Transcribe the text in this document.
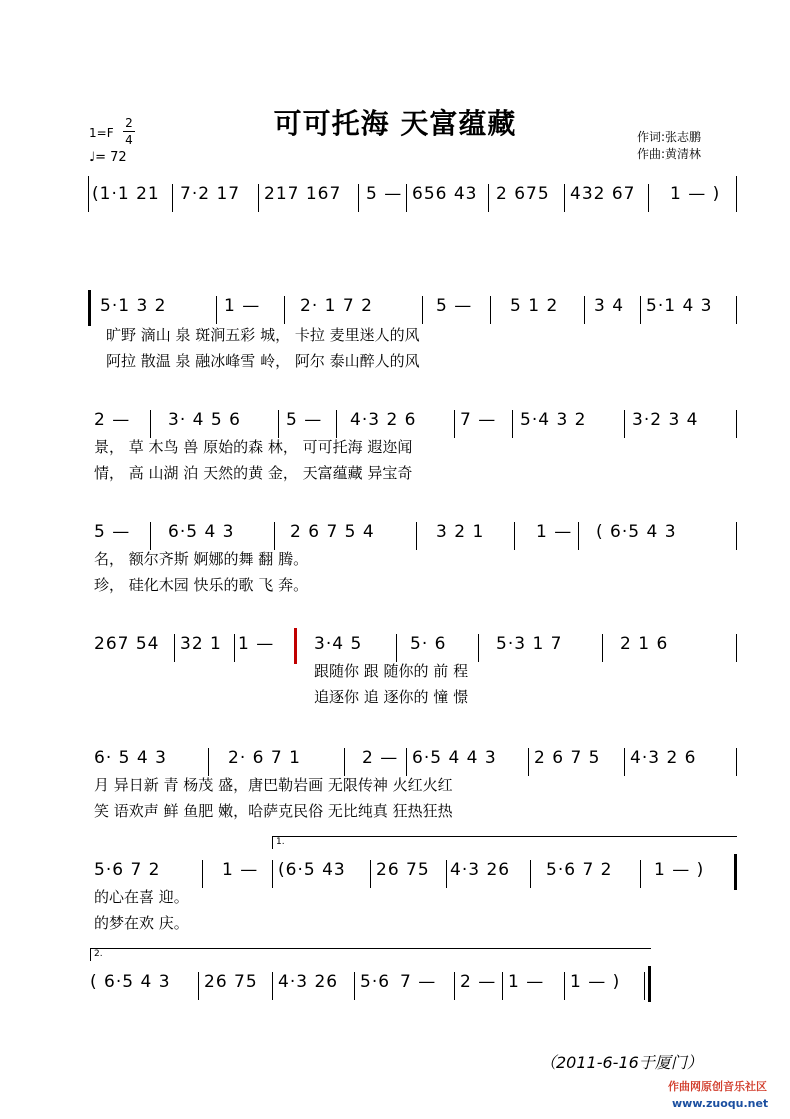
可可托海 天富蕴藏
1=F
2
4
♩= 72
作词:张志鹏
作曲:黄清林
(1·1 21 7·2 17 217 167 5 — 656 43 2 675 432 67 1 — )
5·1 3 2	1 — 2· 1 7 2	5 — 5 1 2 3 4 5·1 4 3
旷野 滴山 泉 斑涧五彩 城， 卡拉 麦里迷人的风
阿拉 散温 泉 融冰峰雪 岭， 阿尔 泰山醉人的风
2 — 3· 4 5 6	5 — 4·3 2 6	7 — 5·4 3 2	3·2 3 4
景， 草 木鸟 兽 原始的森 林， 可可托海 遐迩闻
情， 高 山湖 泊 天然的黄 金， 天富蕴藏 异宝奇
5 — 6·5 4 3	2 6 7 5 4	3 2 1	1 — ( 6·5 4 3
名， 额尔齐斯 婀娜的舞 翻 腾。
珍， 硅化木园 快乐的歌 飞 奔。
267 54 32 1 1 — 3·4 5	5· 6	5·3 1 7	2 1 6
跟随你 跟 随你的 前 程
追逐你 追 逐你的 憧 憬
6· 5 4 3	2· 6 7 1	2 — 6·5 4 4 3 2 6 7 5 4·3 2 6
月 异日新 青 杨茂 盛，唐巴勒岩画 无限传神 火红火红
笑 语欢声 鲜 鱼肥 嫩，哈萨克民俗 无比纯真 狂热狂热
1.
5·6 7 2	1 — (6·5 43 26 75 4·3 26 5·6 7 2 1 — )
的心在喜 迎。
的梦在欢 庆。
2.
( 6·5 4 3 26 75 4·3 26 5·6 7 — 2 — 1 — 1 — )
（2011-6-16于厦门）
作曲网原创音乐社区
www.zuoqu.net
